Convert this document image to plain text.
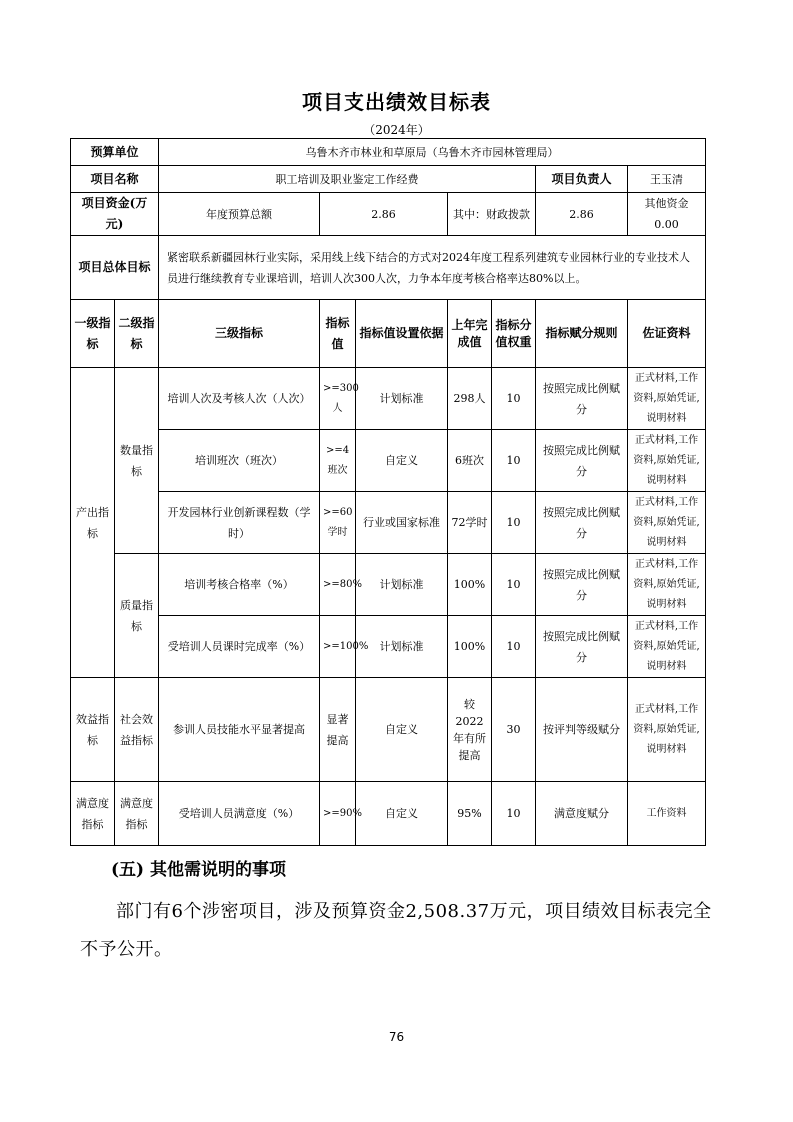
项目支出绩效目标表
（2024年）
预算单位		乌鲁木齐市林业和草原局（乌鲁木齐市园林管理局）						
项目名称		职工培训及职业鉴定工作经费					项目负责人	王玉清
项目资金(万元)		年度预算总额	2.86		其中：财政拨款		2.86	其他资金 0.00
项目总体目标		紧密联系新疆园林行业实际，采用线上线下结合的方式对2024年度工程系列建筑专业园林行业的专业技术人员进行继续教育专业课培训，培训人次300人次，力争本年度考核合格率达80%以上。						
一级指标	二级指标	三级指标	指标值	指标值设置依据	上年完成值	指标分值权重	指标赋分规则	佐证资料
产出指标	数量指标	培训人次及考核人次（人次）	>=300人	计划标准	298人	10	按照完成比例赋分	正式材料,工作资料,原始凭证,说明材料
		培训班次（班次）	>=4班次	自定义	6班次	10	按照完成比例赋分	正式材料,工作资料,原始凭证,说明材料
		开发园林行业创新课程数（学时）	>=60学时	行业或国家标准	72学时	10	按照完成比例赋分	正式材料,工作资料,原始凭证,说明材料
	质量指标	培训考核合格率（%）	>=80%	计划标准	100%	10	按照完成比例赋分	正式材料,工作资料,原始凭证,说明材料
		受培训人员课时完成率（%）	>=100%	计划标准	100%	10	按照完成比例赋分	正式材料,工作资料,原始凭证,说明材料
效益指标	社会效益指标	参训人员技能水平显著提高	显著提高	自定义	较2022年有所提高	30	按评判等级赋分	正式材料,工作资料,原始凭证,说明材料
满意度指标	满意度指标	受培训人员满意度（%）	>=90%	自定义	95%	10	满意度赋分	工作资料
(五) 其他需说明的事项
部门有6个涉密项目，涉及预算资金2,508.37万元，项目绩效目标表完全不予公开。
76
